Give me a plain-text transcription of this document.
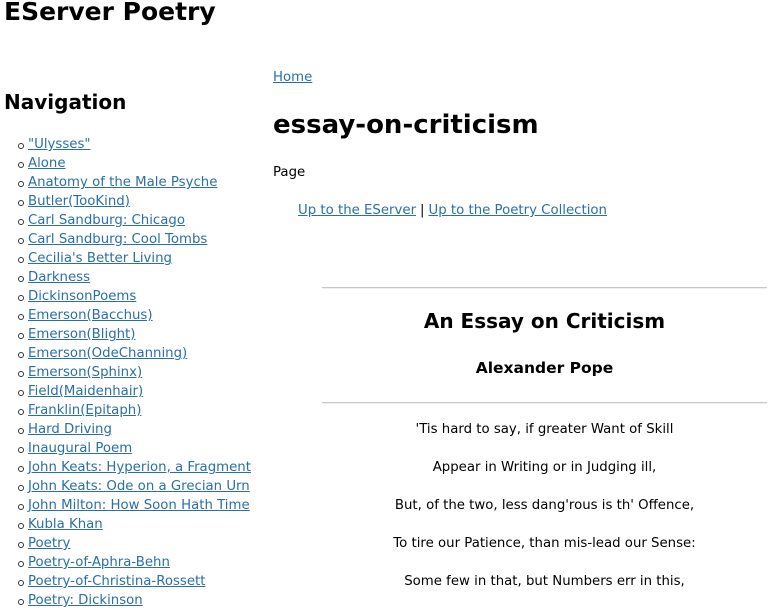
EServer Poetry
Navigation
"Ulysses"
Alone
Anatomy of the Male Psyche
Butler(TooKind)
Carl Sandburg: Chicago
Carl Sandburg: Cool Tombs
Cecilia's Better Living
Darkness
DickinsonPoems
Emerson(Bacchus)
Emerson(Blight)
Emerson(OdeChanning)
Emerson(Sphinx)
Field(Maidenhair)
Franklin(Epitaph)
Hard Driving
Inaugural Poem
John Keats: Hyperion, a Fragment
John Keats: Ode on a Grecian Urn
John Milton: How Soon Hath Time
Kubla Khan
Poetry
Poetry-of-Aphra-Behn
Poetry-of-Christina-Rossett
Poetry: Dickinson
Home
essay-on-criticism
Page
Up to the EServer | Up to the Poetry Collection
An Essay on Criticism
Alexander Pope
'Tis hard to say, if greater Want of Skill
Appear in Writing or in Judging ill,
But, of the two, less dang'rous is th' Offence,
To tire our Patience, than mis-lead our Sense:
Some few in that, but Numbers err in this,
